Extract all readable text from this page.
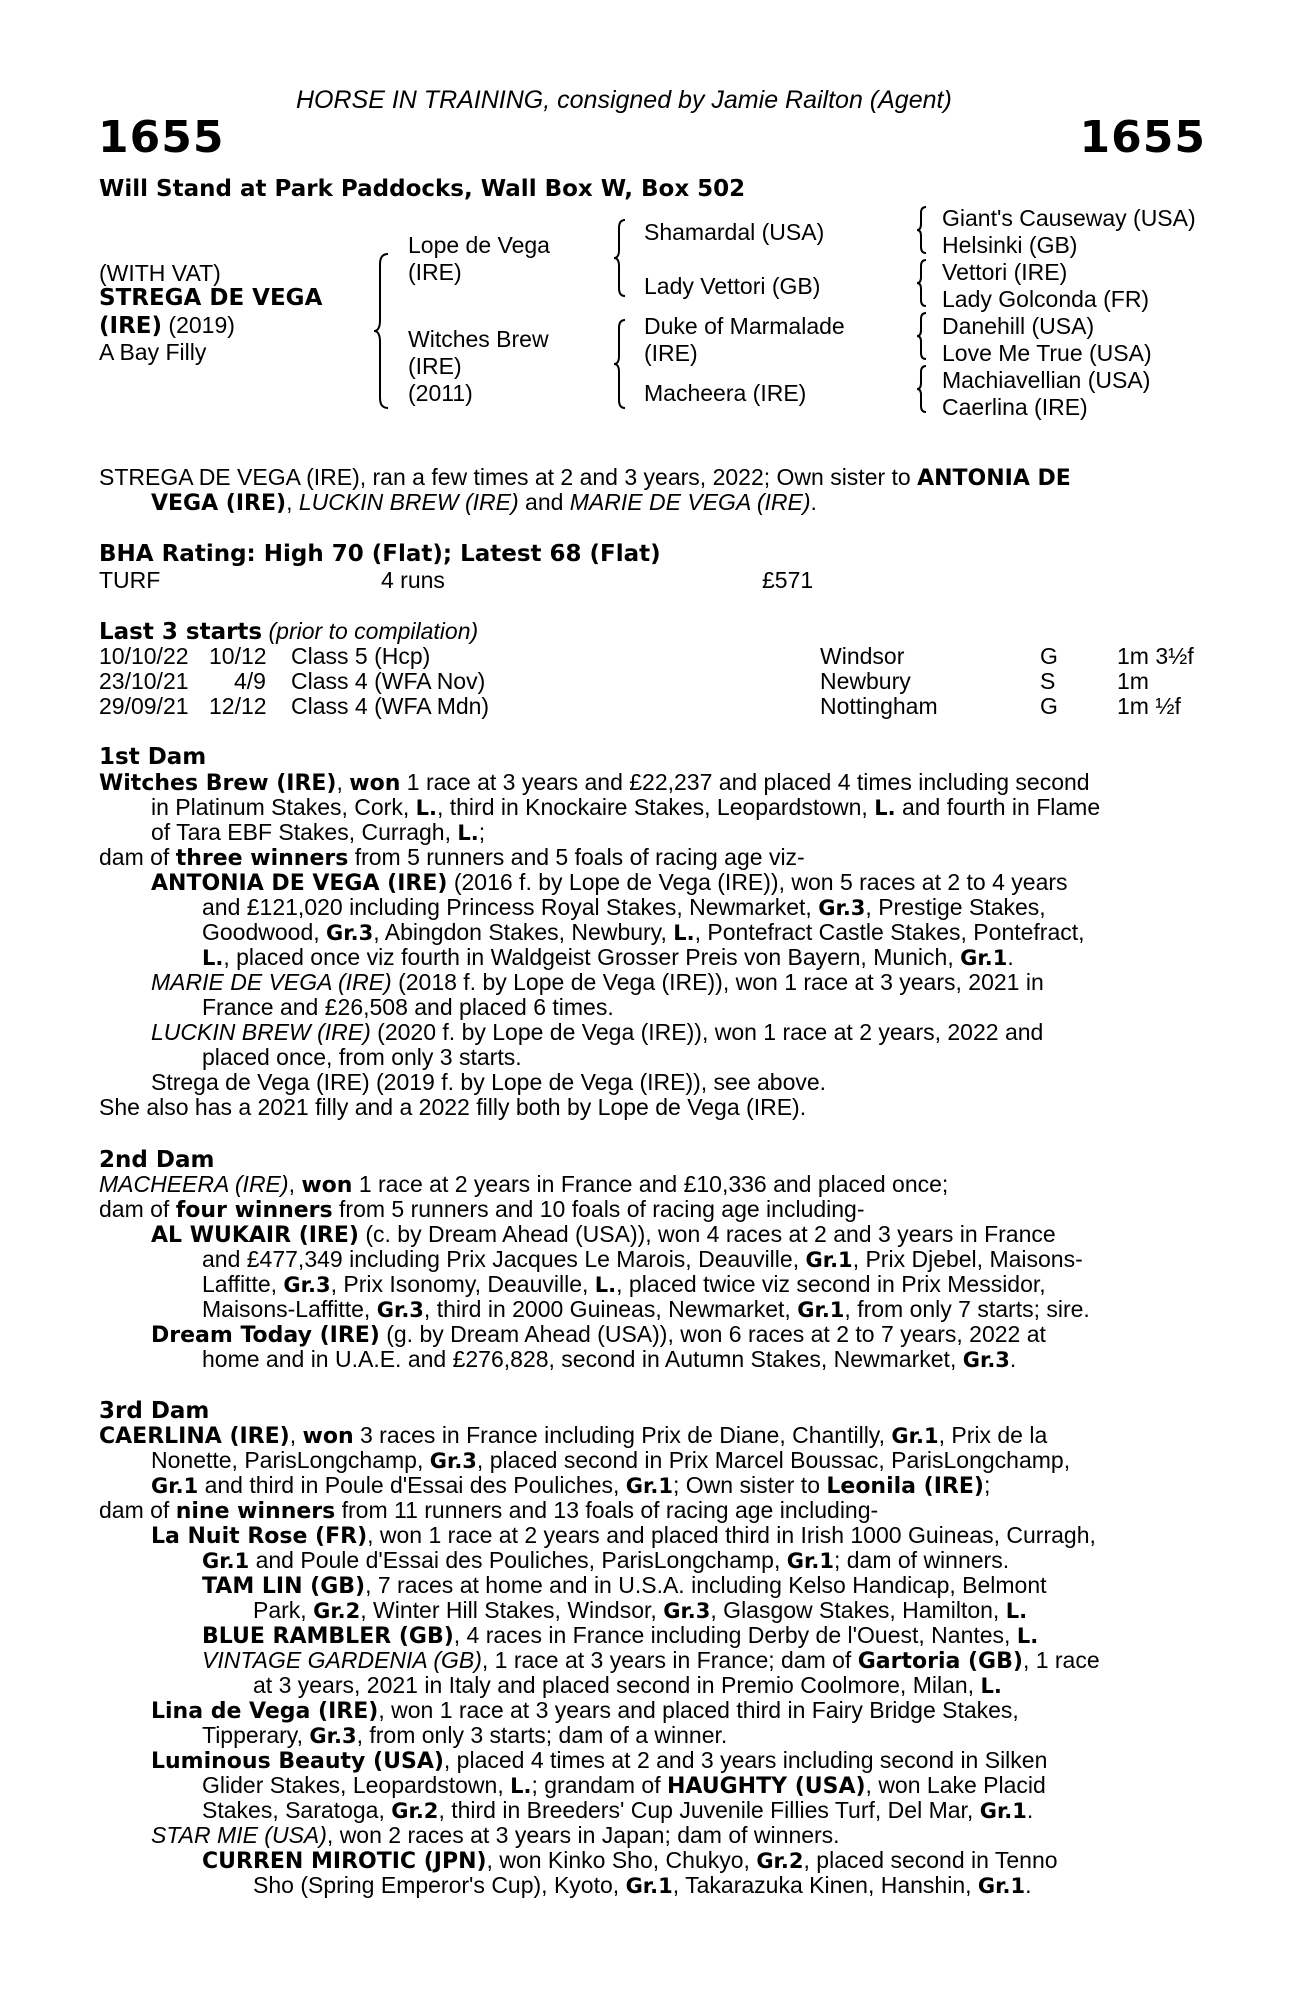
HORSE IN TRAINING, consigned by Jamie Railton (Agent)
1655	1655
Will Stand at Park Paddocks, Wall Box W, Box 502
(WITH VAT)
STREGA DE VEGA
(IRE) (2019)
A Bay Filly
Lope de Vega
(IRE)
Witches Brew
(IRE)
(2011)
Shamardal (USA)
Lady Vettori (GB)
Duke of Marmalade
(IRE)
Macheera (IRE)
Giant's Causeway (USA)
Helsinki (GB)
Vettori (IRE)
Lady Golconda (FR)
Danehill (USA)
Love Me True (USA)
Machiavellian (USA)
Caerlina (IRE)
STREGA DE VEGA (IRE), ran a few times at 2 and 3 years, 2022; Own sister to ANTONIA DE
VEGA (IRE), LUCKIN BREW (IRE) and MARIE DE VEGA (IRE).
BHA Rating: High 70 (Flat); Latest 68 (Flat)
TURF	4 runs	£571
Last 3 starts (prior to compilation)
10/10/22 10/12 Class 5 (Hcp)	Windsor	G	1m 3½f
23/10/21 4/9 Class 4 (WFA Nov)	Newbury	S	1m
29/09/21 12/12 Class 4 (WFA Mdn)	Nottingham	G	1m ½f
1st Dam
Witches Brew (IRE), won 1 race at 3 years and £22,237 and placed 4 times including second
in Platinum Stakes, Cork, L., third in Knockaire Stakes, Leopardstown, L. and fourth in Flame
of Tara EBF Stakes, Curragh, L.;
dam of three winners from 5 runners and 5 foals of racing age viz-
ANTONIA DE VEGA (IRE) (2016 f. by Lope de Vega (IRE)), won 5 races at 2 to 4 years
and £121,020 including Princess Royal Stakes, Newmarket, Gr.3, Prestige Stakes,
Goodwood, Gr.3, Abingdon Stakes, Newbury, L., Pontefract Castle Stakes, Pontefract,
L., placed once viz fourth in Waldgeist Grosser Preis von Bayern, Munich, Gr.1.
MARIE DE VEGA (IRE) (2018 f. by Lope de Vega (IRE)), won 1 race at 3 years, 2021 in
France and £26,508 and placed 6 times.
LUCKIN BREW (IRE) (2020 f. by Lope de Vega (IRE)), won 1 race at 2 years, 2022 and
placed once, from only 3 starts.
Strega de Vega (IRE) (2019 f. by Lope de Vega (IRE)), see above.
She also has a 2021 filly and a 2022 filly both by Lope de Vega (IRE).
2nd Dam
MACHEERA (IRE), won 1 race at 2 years in France and £10,336 and placed once;
dam of four winners from 5 runners and 10 foals of racing age including-
AL WUKAIR (IRE) (c. by Dream Ahead (USA)), won 4 races at 2 and 3 years in France
and £477,349 including Prix Jacques Le Marois, Deauville, Gr.1, Prix Djebel, Maisons-
Laffitte, Gr.3, Prix Isonomy, Deauville, L., placed twice viz second in Prix Messidor,
Maisons-Laffitte, Gr.3, third in 2000 Guineas, Newmarket, Gr.1, from only 7 starts; sire.
Dream Today (IRE) (g. by Dream Ahead (USA)), won 6 races at 2 to 7 years, 2022 at
home and in U.A.E. and £276,828, second in Autumn Stakes, Newmarket, Gr.3.
3rd Dam
CAERLINA (IRE), won 3 races in France including Prix de Diane, Chantilly, Gr.1, Prix de la
Nonette, ParisLongchamp, Gr.3, placed second in Prix Marcel Boussac, ParisLongchamp,
Gr.1 and third in Poule d'Essai des Pouliches, Gr.1; Own sister to Leonila (IRE);
dam of nine winners from 11 runners and 13 foals of racing age including-
La Nuit Rose (FR), won 1 race at 2 years and placed third in Irish 1000 Guineas, Curragh,
Gr.1 and Poule d'Essai des Pouliches, ParisLongchamp, Gr.1; dam of winners.
TAM LIN (GB), 7 races at home and in U.S.A. including Kelso Handicap, Belmont
Park, Gr.2, Winter Hill Stakes, Windsor, Gr.3, Glasgow Stakes, Hamilton, L.
BLUE RAMBLER (GB), 4 races in France including Derby de l'Ouest, Nantes, L.
VINTAGE GARDENIA (GB), 1 race at 3 years in France; dam of Gartoria (GB), 1 race
at 3 years, 2021 in Italy and placed second in Premio Coolmore, Milan, L.
Lina de Vega (IRE), won 1 race at 3 years and placed third in Fairy Bridge Stakes,
Tipperary, Gr.3, from only 3 starts; dam of a winner.
Luminous Beauty (USA), placed 4 times at 2 and 3 years including second in Silken
Glider Stakes, Leopardstown, L.; grandam of HAUGHTY (USA), won Lake Placid
Stakes, Saratoga, Gr.2, third in Breeders' Cup Juvenile Fillies Turf, Del Mar, Gr.1.
STAR MIE (USA), won 2 races at 3 years in Japan; dam of winners.
CURREN MIROTIC (JPN), won Kinko Sho, Chukyo, Gr.2, placed second in Tenno
Sho (Spring Emperor's Cup), Kyoto, Gr.1, Takarazuka Kinen, Hanshin, Gr.1.
